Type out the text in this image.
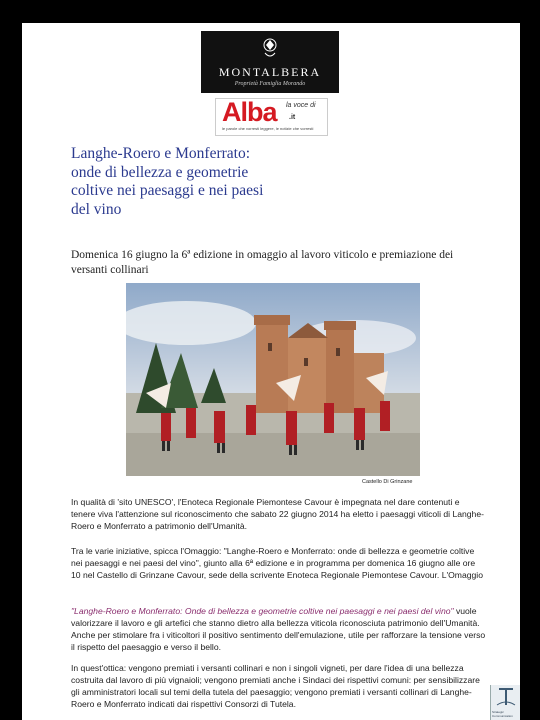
MONTALBERA
Proprietà Famiglia Morando
Alba la voce di
.it
le parole che vorresti leggere, le notizie che vorresti
Langhe-Roero e Monferrato:
onde di bellezza e geometrie
coltive nei paesaggi e nei paesi
del vino
Domenica 16 giugno la 6ª edizione in omaggio al lavoro viticolo e premiazione dei versanti collinari
Castello Di Grinzane

In qualità di 'sito UNESCO', l'Enoteca Regionale Piemontese Cavour è impegnata nel dare contenuti e tenere viva l'attenzione sul riconoscimento che sabato 22 giugno 2014 ha eletto i paesaggi viticoli di Langhe-Roero e Monferrato a patrimonio dell'Umanità.

Tra le varie iniziative, spicca l'Omaggio: "Langhe-Roero e Monferrato: onde di bellezza e geometrie coltive nei paesaggi e nei paesi del vino", giunto alla 6ª edizione e in programma per domenica 16 giugno alle ore 10 nel Castello di Grinzane Cavour, sede della scrivente Enoteca Regionale Piemontese Cavour. L'Omaggio

"Langhe-Roero e Monferrato: Onde di bellezza e geometrie coltive nei paesaggi e nei paesi del vino" vuole valorizzare il lavoro e gli artefici che stanno dietro alla bellezza viticola riconosciuta patrimonio dell'Umanità. Anche per stimolare fra i viticoltori il positivo sentimento dell'emulazione, utile per rafforzare la tensione verso il rispetto del paesaggio e verso il bello.

In quest'ottica: vengono premiati i versanti collinari e non i singoli vigneti, per dare l'idea di una bellezza costruita dal lavoro di più vignaioli; vengono premiati anche i Sindaci dei rispettivi comuni: per sensibilizzare gli amministratori locali sul temi della tutela del paesaggio; vengono premiati i versanti collinari di Langhe-Roero e Monferrato indicati dai rispettivi Consorzi di Tutela.

Strategic Communication
